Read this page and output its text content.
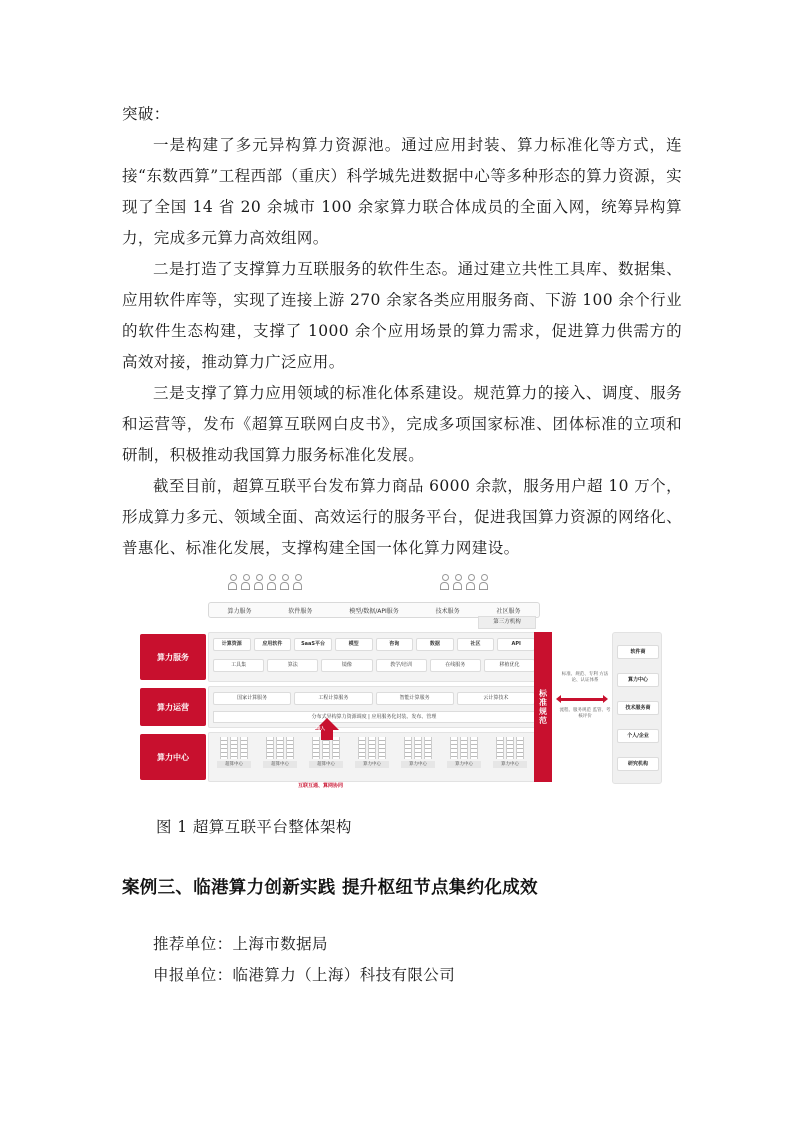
突破：

一是构建了多元异构算力资源池。通过应用封装、算力标准化等方式，连接“东数西算”工程西部（重庆）科学城先进数据中心等多种形态的算力资源，实现了全国 14 省 20 余城市 100 余家算力联合体成员的全面入网，统筹异构算力，完成多元算力高效组网。

二是打造了支撑算力互联服务的软件生态。通过建立共性工具库、数据集、应用软件库等，实现了连接上游 270 余家各类应用服务商、下游 100 余个行业的软件生态构建，支撑了 1000 余个应用场景的算力需求，促进算力供需方的高效对接，推动算力广泛应用。

三是支撑了算力应用领域的标准化体系建设。规范算力的接入、调度、服务和运营等，发布《超算互联网白皮书》，完成多项国家标准、团体标准的立项和研制，积极推动我国算力服务标准化发展。

截至目前，超算互联平台发布算力商品 6000 余款，服务用户超 10 万个，形成算力多元、领域全面、高效运行的服务平台，促进我国算力资源的网络化、普惠化、标准化发展，支撑构建全国一体化算力网建设。

算力服务	软件服务	模型/数据/API服务	技术服务	社区服务
第三方机构
算力服务
计算资源	应用软件	SaaS平台	模型	咨询	数据	社区	API
工具集	算法	镜像	教学/培训	在线服务	移植优化
算力运营
国家计算服务	工程计算服务	智能计算服务	云计算技术
分布式异构算力资源调度 | 应用服务化封装、发布、管理
算力中心
超算中心	超算中心	超算中心	算力中心	算力中心	算力中心	算力中心
接入
互联互通、算网协同
标准规范
标准、规范、专利 方法论、认证体系
流程、服务规范 监管、考核评价
软件商
算力中心
技术服务商
个人/企业
研究机构
图 1 超算互联平台整体架构
案例三、临港算力创新实践 提升枢纽节点集约化成效
推荐单位：上海市数据局
申报单位：临港算力（上海）科技有限公司
